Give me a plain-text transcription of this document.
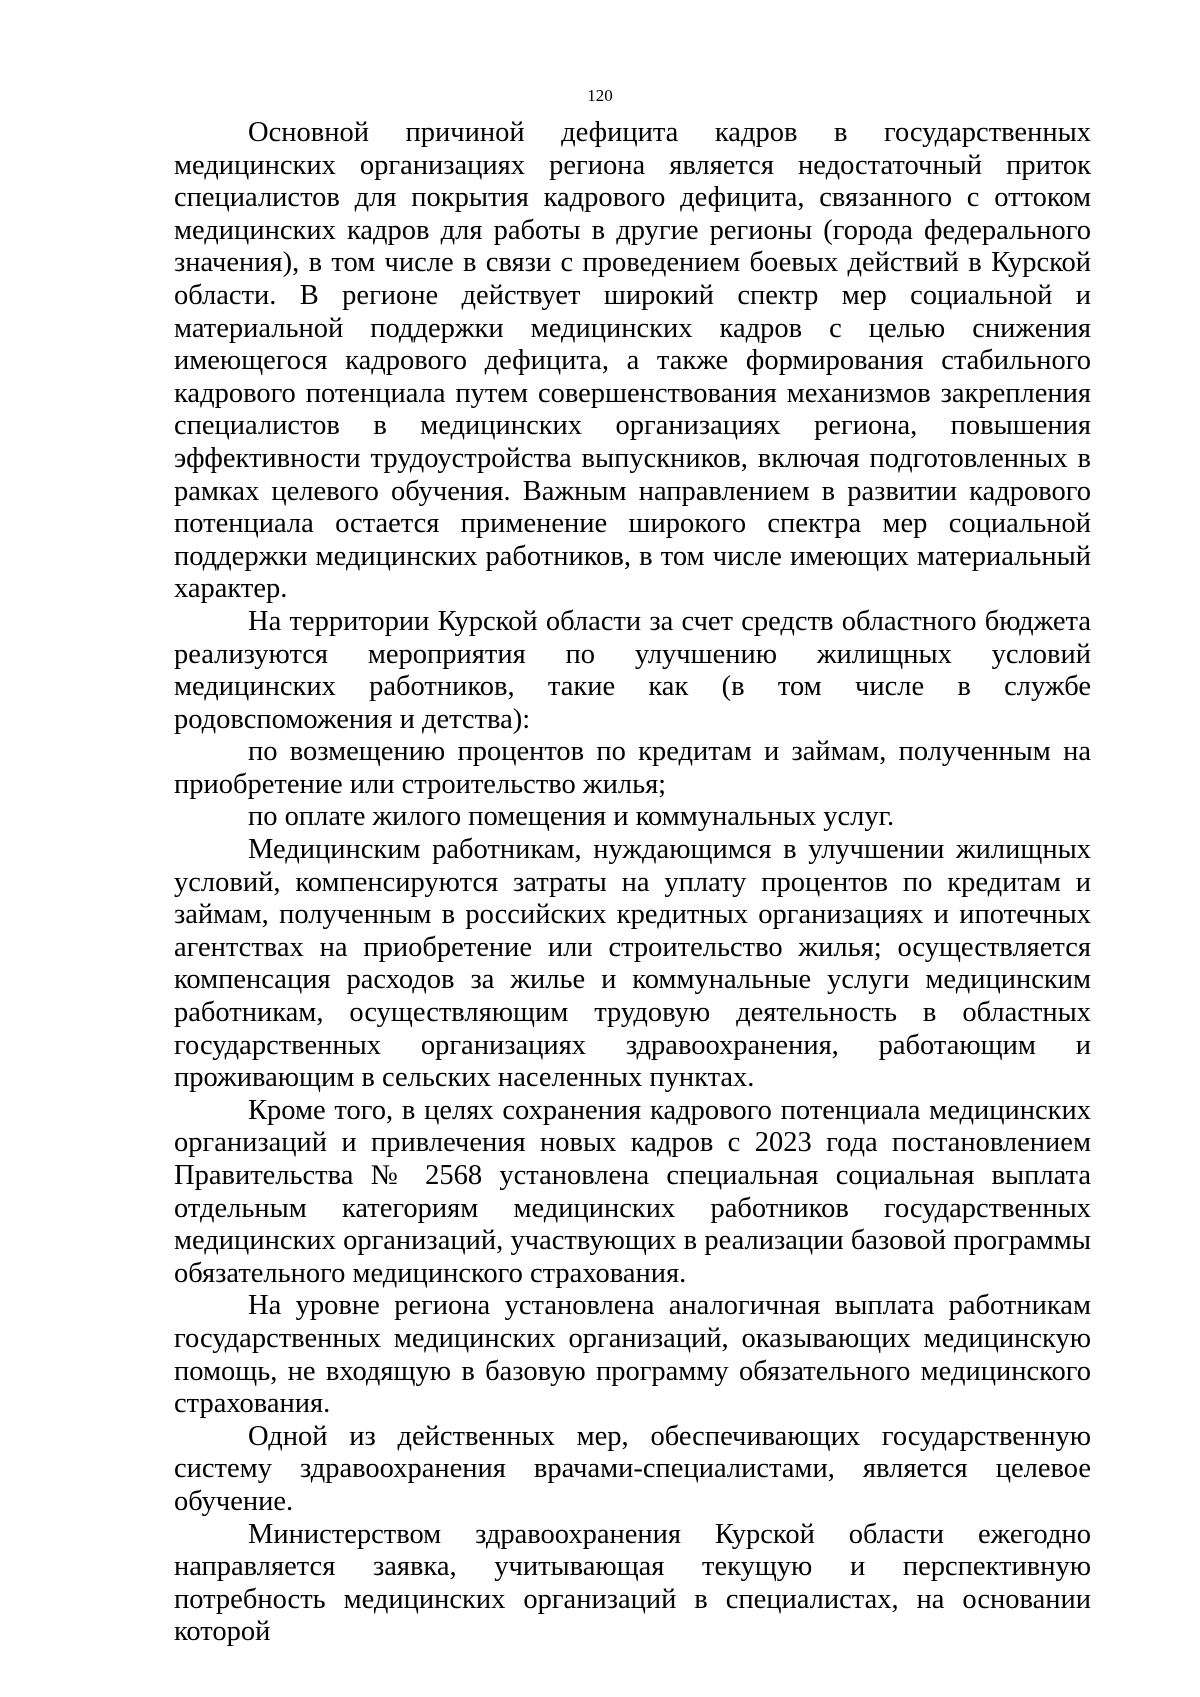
120

Основной причиной дефицита кадров в государственных медицинских организациях региона является недостаточный приток специалистов для покрытия кадрового дефицита, связанного с оттоком медицинских кадров для работы в другие регионы (города федерального значения), в том числе в связи с проведением боевых действий в Курской области. В регионе действует широкий спектр мер социальной и материальной поддержки медицинских кадров с целью снижения имеющегося кадрового дефицита, а также формирования стабильного кадрового потенциала путем совершенствования механизмов закрепления специалистов в медицинских организациях региона, повышения эффективности трудоустройства выпускников, включая подготовленных в рамках целевого обучения. Важным направлением в развитии кадрового потенциала остается применение широкого спектра мер социальной поддержки медицинских работников, в том числе имеющих материальный характер.

На территории Курской области за счет средств областного бюджета реализуются мероприятия по улучшению жилищных условий медицинских работников, такие как (в том числе в службе родовспоможения и детства):

по возмещению процентов по кредитам и займам, полученным на приобретение или строительство жилья;

по оплате жилого помещения и коммунальных услуг.

Медицинским работникам, нуждающимся в улучшении жилищных условий, компенсируются затраты на уплату процентов по кредитам и займам, полученным в российских кредитных организациях и ипотечных агентствах на приобретение или строительство жилья; осуществляется компенсация расходов за жилье и коммунальные услуги медицинским работникам, осуществляющим трудовую деятельность в областных государственных организациях здравоохранения, работающим и проживающим в сельских населенных пунктах.

Кроме того, в целях сохранения кадрового потенциала медицинских организаций и привлечения новых кадров с 2023 года постановлением Правительства № 2568 установлена специальная социальная выплата отдельным категориям медицинских работников государственных медицинских организаций, участвующих в реализации базовой программы обязательного медицинского страхования.

На уровне региона установлена аналогичная выплата работникам государственных медицинских организаций, оказывающих медицинскую помощь, не входящую в базовую программу обязательного медицинского страхования.

Одной из действенных мер, обеспечивающих государственную систему здравоохранения врачами-специалистами, является целевое обучение.

Министерством здравоохранения Курской области ежегодно направляется заявка, учитывающая текущую и перспективную потребность медицинских организаций в специалистах, на основании которой
